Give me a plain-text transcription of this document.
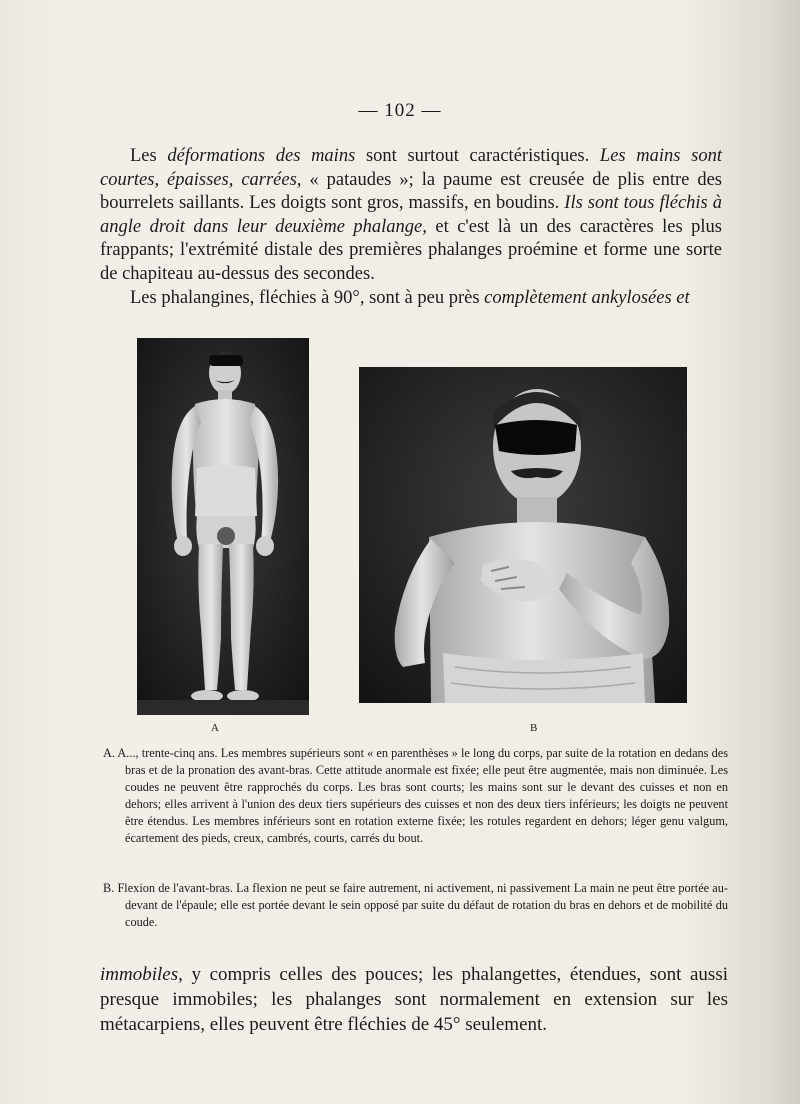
— 102 —

Les déformations des mains sont surtout caractéristiques. Les mains sont courtes, épaisses, carrées, « pataudes »; la paume est creusée de plis entre des bourrelets saillants. Les doigts sont gros, massifs, en boudins. Ils sont tous fléchis à angle droit dans leur deuxième phalange, et c'est là un des caractères les plus frappants; l'extrémité distale des premières phalanges proémine et forme une sorte de chapiteau au-dessus des secondes.

Les phalangines, fléchies à 90°, sont à peu près complètement ankylosées et

A	B

A. A..., trente-cinq ans. Les membres supérieurs sont « en parenthèses » le long du corps, par suite de la rotation en dedans des bras et de la pronation des avant-bras. Cette attitude anormale est fixée; elle peut être augmentée, mais non diminuée. Les coudes ne peuvent être rapprochés du corps. Les bras sont courts; les mains sont sur le devant des cuisses et non en dehors; elles arrivent à l'union des deux tiers supérieurs des cuisses et non des deux tiers inférieurs; les doigts ne peuvent être étendus. Les membres inférieurs sont en rotation externe fixée; les rotules regardent en dehors; léger genu valgum, écartement des pieds, creux, cambrés, courts, carrés du bout.

B. Flexion de l'avant-bras. La flexion ne peut se faire autrement, ni activement, ni passivement La main ne peut être portée au-devant de l'épaule; elle est portée devant le sein opposé par suite du défaut de rotation du bras en dehors et de mobilité du coude.

immobiles, y compris celles des pouces; les phalangettes, étendues, sont aussi presque immobiles; les phalanges sont normalement en extension sur les métacarpiens, elles peuvent être fléchies de 45° seulement.
